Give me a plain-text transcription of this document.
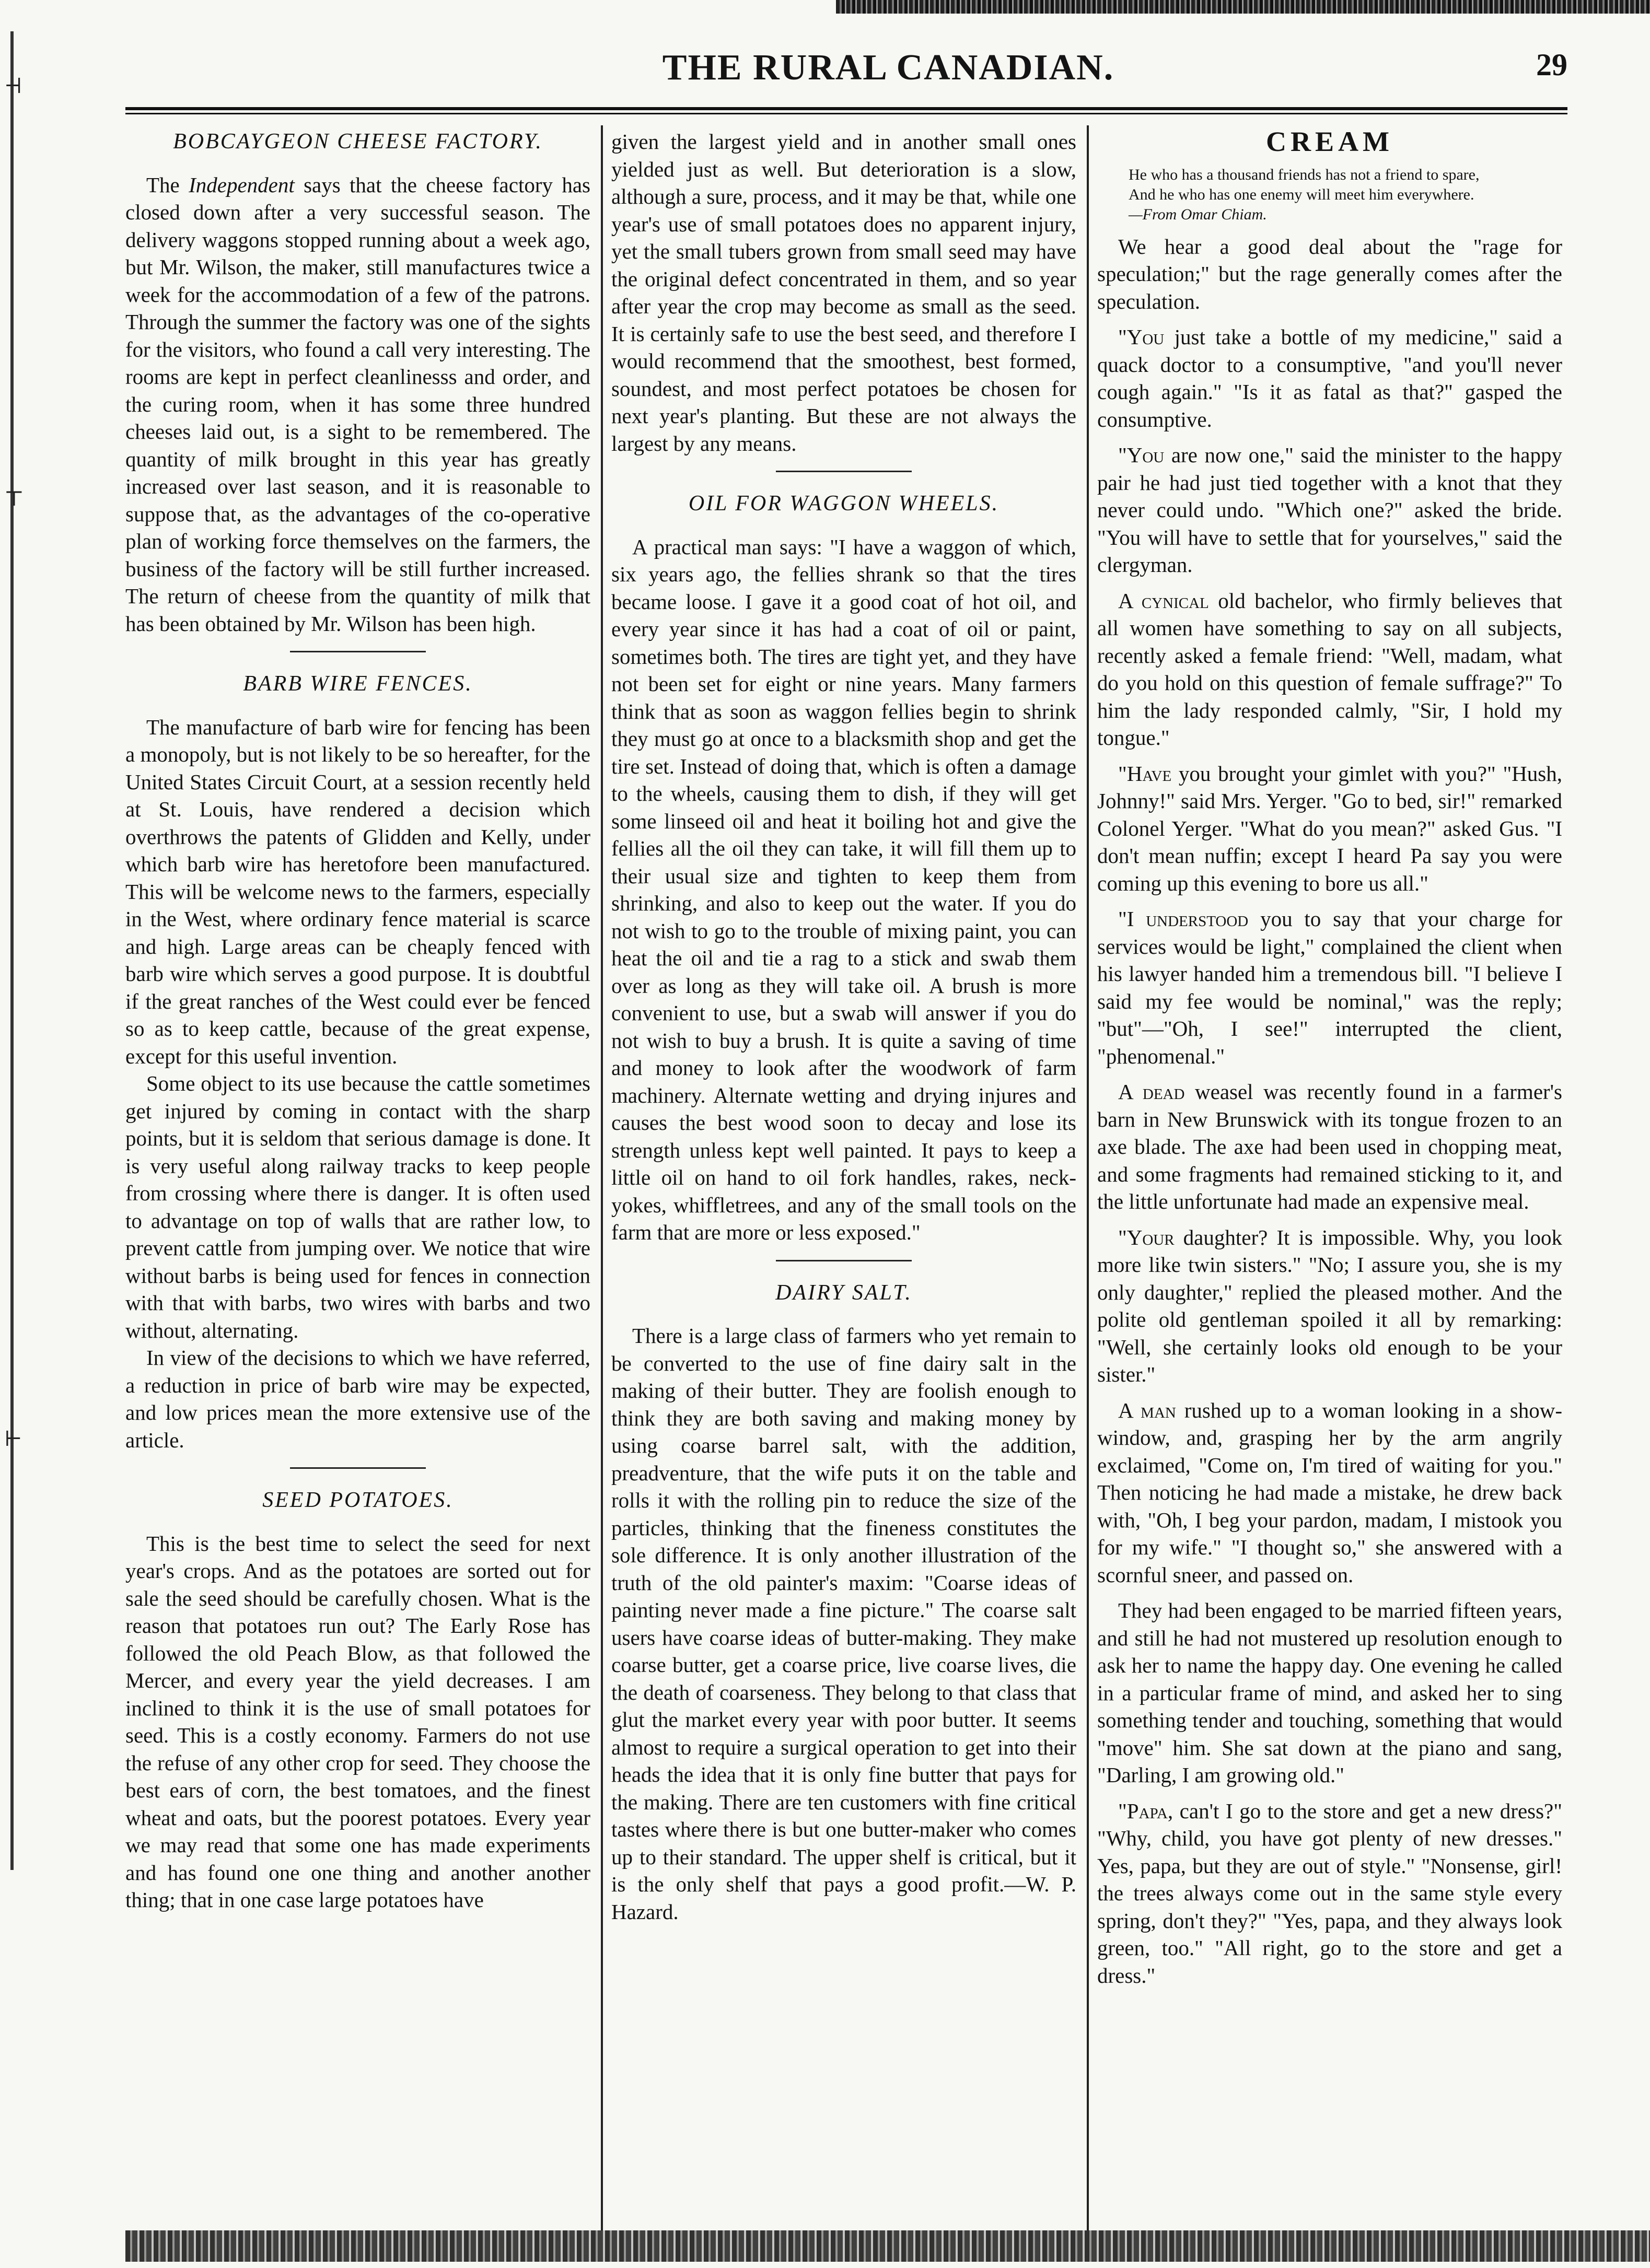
⊣
⊤
⊢
THE RURAL CANADIAN.	29
BOBCAYGEON CHEESE FACTORY.

The Independent says that the cheese factory has closed down after a very successful season. The delivery waggons stopped running about a week ago, but Mr. Wilson, the maker, still manufactures twice a week for the accommodation of a few of the patrons. Through the summer the factory was one of the sights for the visitors, who found a call very interesting. The rooms are kept in perfect cleanlinesss and order, and the curing room, when it has some three hundred cheeses laid out, is a sight to be remembered. The quantity of milk brought in this year has greatly increased over last season, and it is reasonable to suppose that, as the advantages of the co-operative plan of working force themselves on the farmers, the business of the factory will be still further increased. The return of cheese from the quantity of milk that has been obtained by Mr. Wilson has been high.

BARB WIRE FENCES.

The manufacture of barb wire for fencing has been a monopoly, but is not likely to be so hereafter, for the United States Circuit Court, at a session recently held at St. Louis, have rendered a decision which overthrows the patents of Glidden and Kelly, under which barb wire has heretofore been manufactured. This will be welcome news to the farmers, especially in the West, where ordinary fence material is scarce and high. Large areas can be cheaply fenced with barb wire which serves a good purpose. It is doubtful if the great ranches of the West could ever be fenced so as to keep cattle, because of the great expense, except for this useful invention.

Some object to its use because the cattle sometimes get injured by coming in contact with the sharp points, but it is seldom that serious damage is done. It is very useful along railway tracks to keep people from crossing where there is danger. It is often used to advantage on top of walls that are rather low, to prevent cattle from jumping over. We notice that wire without barbs is being used for fences in connection with that with barbs, two wires with barbs and two without, alternating.

In view of the decisions to which we have referred, a reduction in price of barb wire may be expected, and low prices mean the more extensive use of the article.

SEED POTATOES.

This is the best time to select the seed for next year's crops. And as the potatoes are sorted out for sale the seed should be carefully chosen. What is the reason that potatoes run out? The Early Rose has followed the old Peach Blow, as that followed the Mercer, and every year the yield decreases. I am inclined to think it is the use of small potatoes for seed. This is a costly economy. Farmers do not use the refuse of any other crop for seed. They choose the best ears of corn, the best tomatoes, and the finest wheat and oats, but the poorest potatoes. Every year we may read that some one has made experiments and has found one one thing and another another thing; that in one case large potatoes have

given the largest yield and in another small ones yielded just as well. But deterioration is a slow, although a sure, process, and it may be that, while one year's use of small potatoes does no apparent injury, yet the small tubers grown from small seed may have the original defect concentrated in them, and so year after year the crop may become as small as the seed. It is certainly safe to use the best seed, and therefore I would recommend that the smoothest, best formed, soundest, and most perfect potatoes be chosen for next year's planting. But these are not always the largest by any means.

OIL FOR WAGGON WHEELS.

A practical man says: "I have a waggon of which, six years ago, the fellies shrank so that the tires became loose. I gave it a good coat of hot oil, and every year since it has had a coat of oil or paint, sometimes both. The tires are tight yet, and they have not been set for eight or nine years. Many farmers think that as soon as waggon fellies begin to shrink they must go at once to a blacksmith shop and get the tire set. Instead of doing that, which is often a damage to the wheels, causing them to dish, if they will get some linseed oil and heat it boiling hot and give the fellies all the oil they can take, it will fill them up to their usual size and tighten to keep them from shrinking, and also to keep out the water. If you do not wish to go to the trouble of mixing paint, you can heat the oil and tie a rag to a stick and swab them over as long as they will take oil. A brush is more convenient to use, but a swab will answer if you do not wish to buy a brush. It is quite a saving of time and money to look after the woodwork of farm machinery. Alternate wetting and drying injures and causes the best wood soon to decay and lose its strength unless kept well painted. It pays to keep a little oil on hand to oil fork handles, rakes, neck-yokes, whiffletrees, and any of the small tools on the farm that are more or less exposed."

DAIRY SALT.

There is a large class of farmers who yet remain to be converted to the use of fine dairy salt in the making of their butter. They are foolish enough to think they are both saving and making money by using coarse barrel salt, with the addition, preadventure, that the wife puts it on the table and rolls it with the rolling pin to reduce the size of the particles, thinking that the fineness constitutes the sole difference. It is only another illustration of the truth of the old painter's maxim: "Coarse ideas of painting never made a fine picture." The coarse salt users have coarse ideas of butter-making. They make coarse butter, get a coarse price, live coarse lives, die the death of coarseness. They belong to that class that glut the market every year with poor butter. It seems almost to require a surgical operation to get into their heads the idea that it is only fine butter that pays for the making. There are ten customers with fine critical tastes where there is but one butter-maker who comes up to their standard. The upper shelf is critical, but it is the only shelf that pays a good profit.—W. P. Hazard.

CREAM
He who has a thousand friends has not a friend to spare,
And he who has one enemy will meet him everywhere.
—From Omar Chiam.

We hear a good deal about the "rage for speculation;" but the rage generally comes after the speculation.

"You just take a bottle of my medicine," said a quack doctor to a consumptive, "and you'll never cough again." "Is it as fatal as that?" gasped the consumptive.

"You are now one," said the minister to the happy pair he had just tied together with a knot that they never could undo. "Which one?" asked the bride. "You will have to settle that for yourselves," said the clergyman.

A cynical old bachelor, who firmly believes that all women have something to say on all subjects, recently asked a female friend: "Well, madam, what do you hold on this question of female suffrage?" To him the lady responded calmly, "Sir, I hold my tongue."

"Have you brought your gimlet with you?" "Hush, Johnny!" said Mrs. Yerger. "Go to bed, sir!" remarked Colonel Yerger. "What do you mean?" asked Gus. "I don't mean nuffin; except I heard Pa say you were coming up this evening to bore us all."

"I understood you to say that your charge for services would be light," complained the client when his lawyer handed him a tremendous bill. "I believe I said my fee would be nominal," was the reply; "but"—"Oh, I see!" interrupted the client, "phenomenal."

A dead weasel was recently found in a farmer's barn in New Brunswick with its tongue frozen to an axe blade. The axe had been used in chopping meat, and some fragments had remained sticking to it, and the little unfortunate had made an expensive meal.

"Your daughter? It is impossible. Why, you look more like twin sisters." "No; I assure you, she is my only daughter," replied the pleased mother. And the polite old gentleman spoiled it all by remarking: "Well, she certainly looks old enough to be your sister."

A man rushed up to a woman looking in a show-window, and, grasping her by the arm angrily exclaimed, "Come on, I'm tired of waiting for you." Then noticing he had made a mistake, he drew back with, "Oh, I beg your pardon, madam, I mistook you for my wife." "I thought so," she answered with a scornful sneer, and passed on.

They had been engaged to be married fifteen years, and still he had not mustered up resolution enough to ask her to name the happy day. One evening he called in a particular frame of mind, and asked her to sing something tender and touching, something that would "move" him. She sat down at the piano and sang, "Darling, I am growing old."

"Papa, can't I go to the store and get a new dress?" "Why, child, you have got plenty of new dresses." Yes, papa, but they are out of style." "Nonsense, girl! the trees always come out in the same style every spring, don't they?" "Yes, papa, and they always look green, too." "All right, go to the store and get a dress."
